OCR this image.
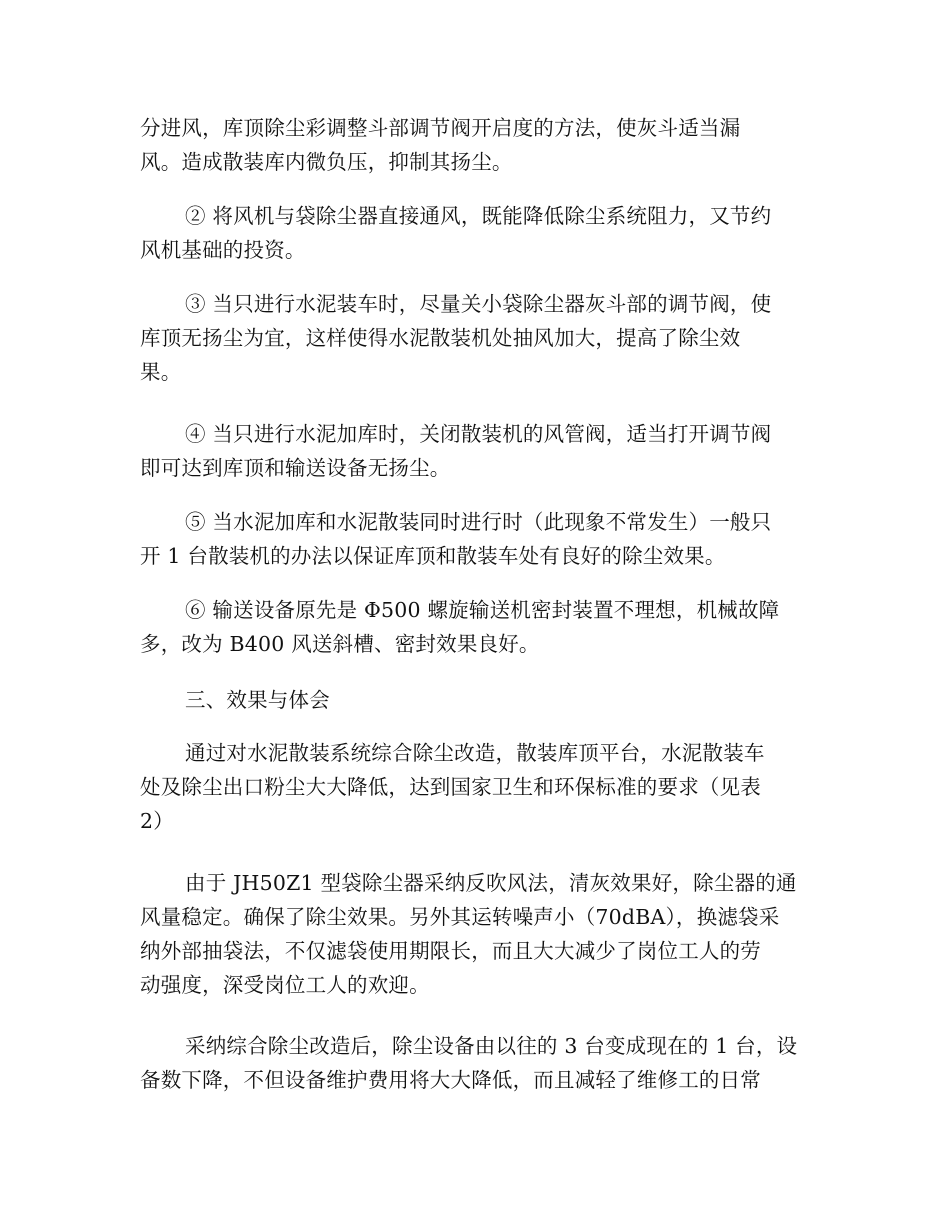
分进风，库顶除尘彩调整斗部调节阀开启度的方法，使灰斗适当漏
风。造成散装库内微负压，抑制其扬尘。
② 将风机与袋除尘器直接通风，既能降低除尘系统阻力，又节约
风机基础的投资。
③ 当只进行水泥装车时，尽量关小袋除尘器灰斗部的调节阀，使
库顶无扬尘为宜，这样使得水泥散装机处抽风加大，提高了除尘效
果。
④ 当只进行水泥加库时，关闭散装机的风管阀，适当打开调节阀
即可达到库顶和输送设备无扬尘。
⑤ 当水泥加库和水泥散装同时进行时（此现象不常发生）一般只
开 1 台散装机的办法以保证库顶和散装车处有良好的除尘效果。
⑥ 输送设备原先是 Φ500 螺旋输送机密封装置不理想，机械故障
多，改为 B400 风送斜槽、密封效果良好。
三、效果与体会
通过对水泥散装系统综合除尘改造，散装库顶平台，水泥散装车
处及除尘出口粉尘大大降低，达到国家卫生和环保标准的要求（见表
2）
由于 JH50Z1 型袋除尘器采纳反吹风法，清灰效果好，除尘器的通
风量稳定。确保了除尘效果。另外其运转噪声小（70dBA），换滤袋采
纳外部抽袋法，不仅滤袋使用期限长，而且大大减少了岗位工人的劳
动强度，深受岗位工人的欢迎。
采纳综合除尘改造后，除尘设备由以往的 3 台变成现在的 1 台，设
备数下降，不但设备维护费用将大大降低，而且减轻了维修工的日常
